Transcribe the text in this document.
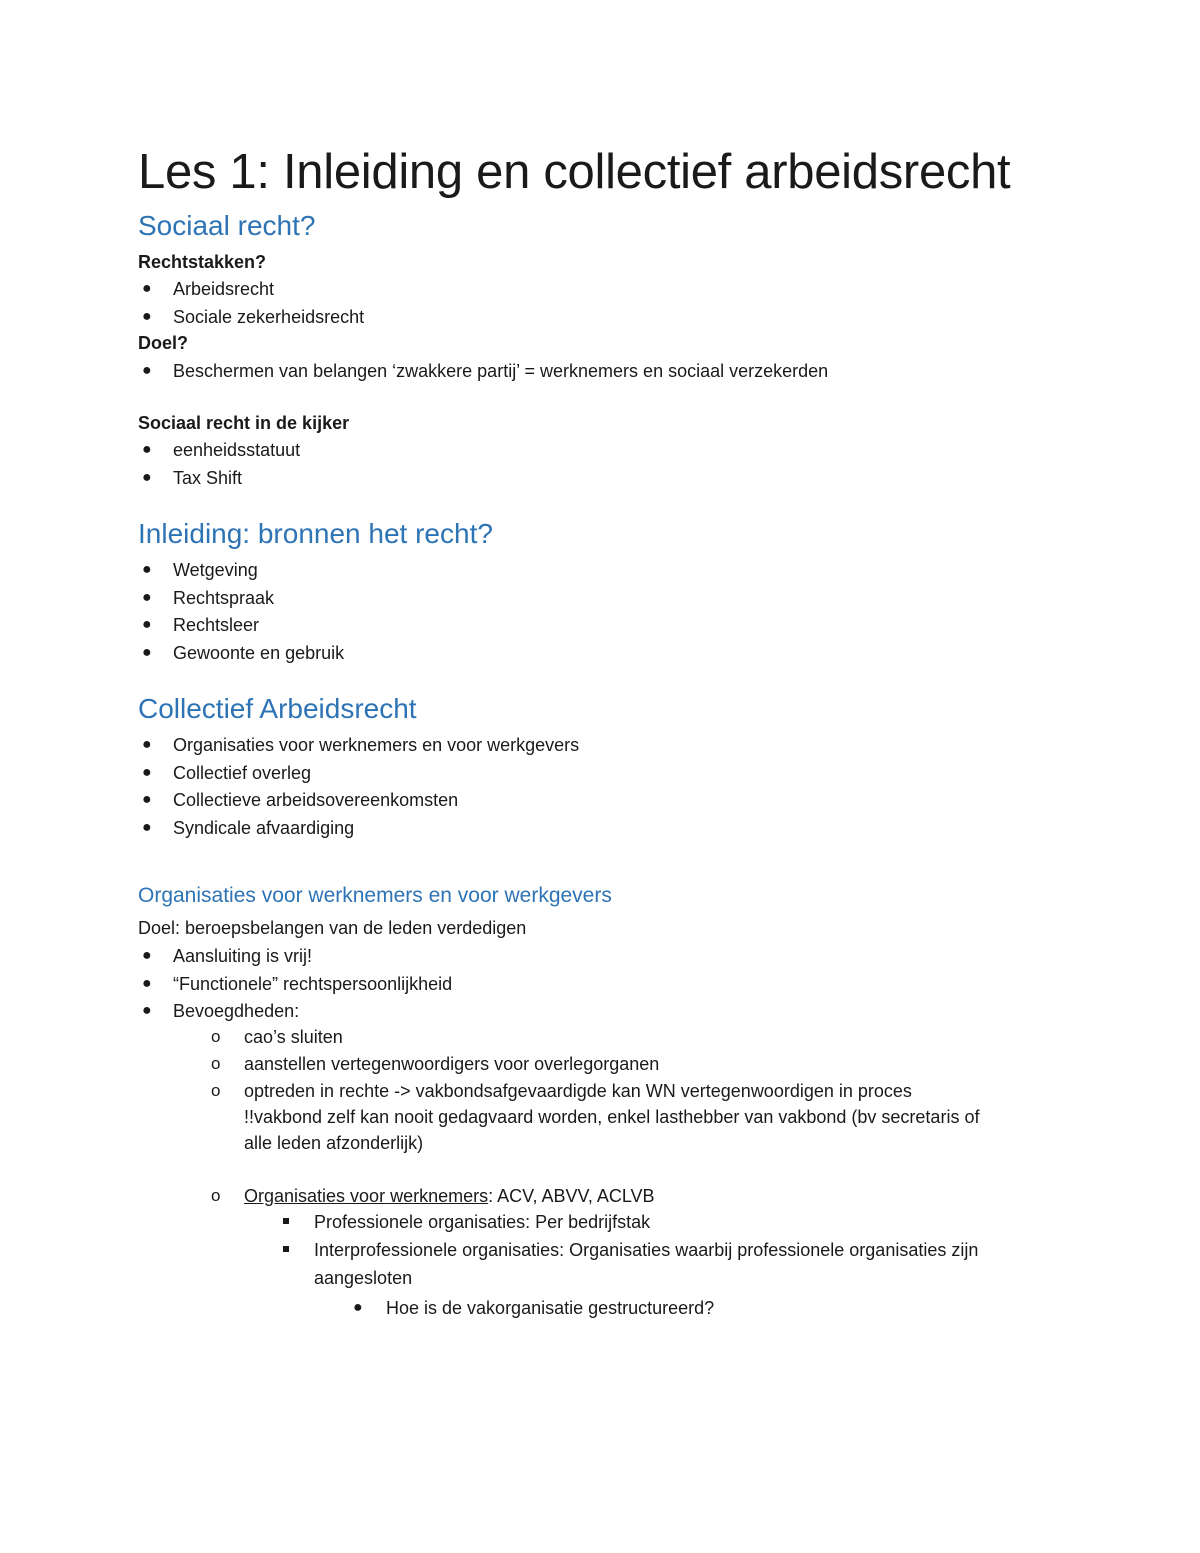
Les 1: Inleiding en collectief arbeidsrecht
Sociaal recht?
Rechtstakken?
● Arbeidsrecht
● Sociale zekerheidsrecht
Doel?
● Beschermen van belangen ‘zwakkere partij’ = werknemers en sociaal verzekerden
Sociaal recht in de kijker
● eenheidsstatuut
● Tax Shift
Inleiding: bronnen het recht?
● Wetgeving
● Rechtspraak
● Rechtsleer
● Gewoonte en gebruik
Collectief Arbeidsrecht
● Organisaties voor werknemers en voor werkgevers
● Collectief overleg
● Collectieve arbeidsovereenkomsten
● Syndicale afvaardiging
Organisaties voor werknemers en voor werkgevers
Doel: beroepsbelangen van de leden verdedigen
● Aansluiting is vrij!
● “Functionele” rechtspersoonlijkheid
● Bevoegdheden:
o cao’s sluiten
o aanstellen vertegenwoordigers voor overlegorganen
o optreden in rechte -> vakbondsafgevaardigde kan WN vertegenwoordigen in proces
!!vakbond zelf kan nooit gedagvaard worden, enkel lasthebber van vakbond (bv secretaris of
alle leden afzonderlijk)
o Organisaties voor werknemers: ACV, ABVV, ACLVB
Professionele organisaties: Per bedrijfstak
Interprofessionele organisaties: Organisaties waarbij professionele organisaties zijn
aangesloten
● Hoe is de vakorganisatie gestructureerd?
